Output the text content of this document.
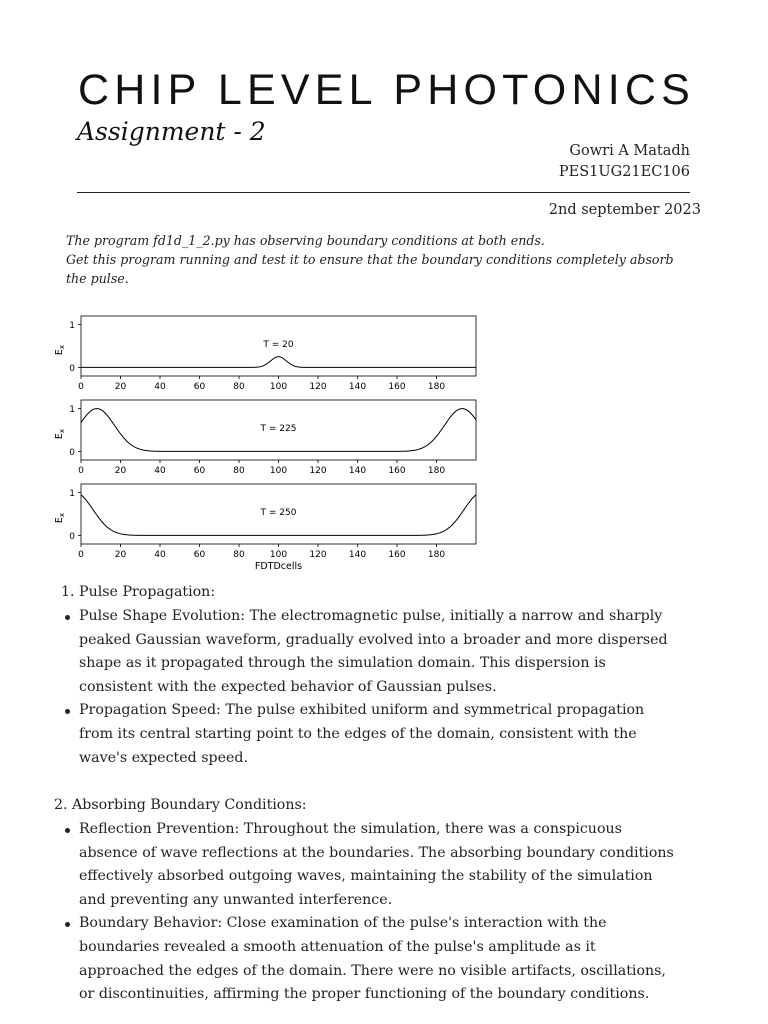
CHIP LEVEL PHOTONICS
Assignment - 2
Gowri A Matadh
PES1UG21EC106
2nd september 2023

The program fd1d_1_2.py has observing boundary conditions at both ends.

Get this program running and test it to ensure that the boundary conditions completely absorb the pulse.

0
1
0	20	40	60	80	100 120 140 160 180
$E_x$	T = 20
0
1
0	20	40	60	80	100 120 140 160 180
$E_x$	T = 225
0
1
0	20	40	60	80	100 120 140 160 180
$E_x$	T = 250
FDTDcells
1. Pulse Propagation:
Pulse Shape Evolution: The electromagnetic pulse, initially a narrow and sharply peaked Gaussian waveform, gradually evolved into a broader and more dispersed shape as it propagated through the simulation domain. This dispersion is consistent with the expected behavior of Gaussian pulses.
Propagation Speed: The pulse exhibited uniform and symmetrical propagation from its central starting point to the edges of the domain, consistent with the wave's expected speed.
2. Absorbing Boundary Conditions:
Reflection Prevention: Throughout the simulation, there was a conspicuous absence of wave reflections at the boundaries. The absorbing boundary conditions effectively absorbed outgoing waves, maintaining the stability of the simulation and preventing any unwanted interference.
Boundary Behavior: Close examination of the pulse's interaction with the boundaries revealed a smooth attenuation of the pulse's amplitude as it approached the edges of the domain. There were no visible artifacts, oscillations, or discontinuities, affirming the proper functioning of the boundary conditions.
